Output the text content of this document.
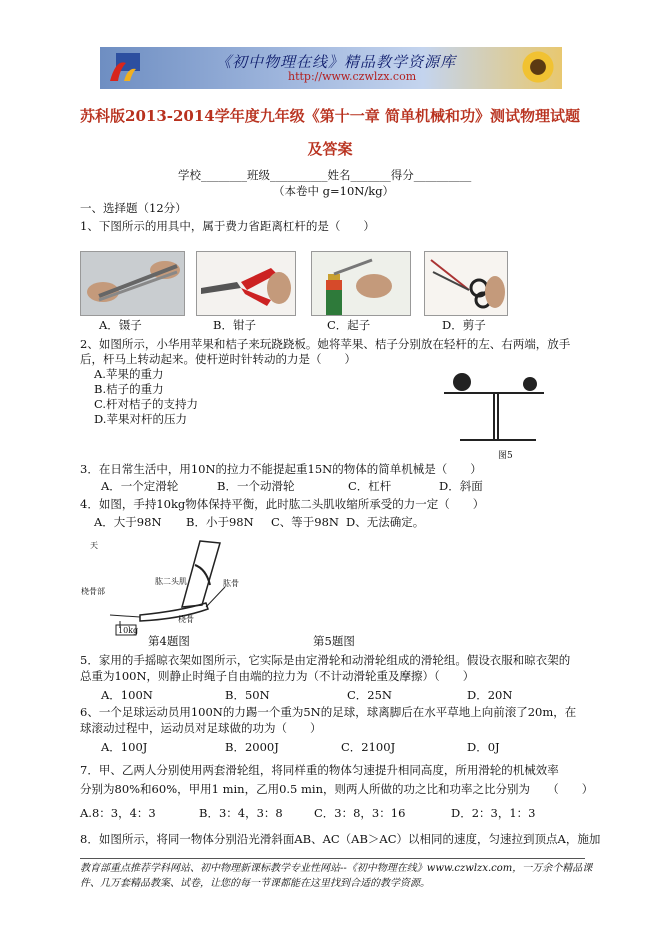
《初中物理在线》精品教学资源库
http://www.czwlzx.com
苏科版2013-2014学年度九年级《第十一章 简单机械和功》测试物理试题
及答案
学校________班级__________姓名_______得分__________
（本卷中 g=10N/kg）
一、选择题（12分）
1、下图所示的用具中，属于费力省距离杠杆的是（　　）
A．镊子	B．钳子	C．起子	D．剪子
2、如图所示，小华用苹果和桔子来玩跷跷板。她将苹果、桔子分别放在轻杆的左、右两端，放手
后，杆马上转动起来。使杆逆时针转动的力是（　　）
A.苹果的重力
B.桔子的重力
C.杆对桔子的支持力
D.苹果对杆的压力
图5
3．在日常生活中，用10N的拉力不能提起重15N的物体的简单机械是（　　）
A．一个定滑轮	B．一个动滑轮	C．杠杆	D．斜面
4．如图，手持10kg物体保持平衡，此时肱二头肌收缩所承受的力一定（　　）
A．大于98N B．小于98N C、等于98N D、无法确定。
天
桡骨部
肱二头肌	肱骨
桡骨
10kg
第4题图	第5题图
5．家用的手摇晾衣架如图所示，它实际是由定滑轮和动滑轮组成的滑轮组。假设衣服和晾衣架的
总重为100N，则静止时绳子自由端的拉力为（不计动滑轮重及摩擦）（　　）
A．100N	B．50N	C．25N	D．20N
6、一个足球运动员用100N的力踢一个重为5N的足球，球离脚后在水平草地上向前滚了20m，在
球滚动过程中，运动员对足球做的功为（　　）
A．100J	B．2000J	C．2100J	D．0J
7．甲、乙两人分别使用两套滑轮组，将同样重的物体匀速提升相同高度，所用滑轮的机械效率
分别为80%和60%，甲用1 min，乙用0.5 min，则两人所做的功之比和功率之比分别为　　（　　）
A.8：3，4：3	B．3：4，3：8	C．3：8，3：16	D．2：3，1：3
8．如图所示，将同一物体分别沿光滑斜面AB、AC（AB＞AC）以相同的速度，匀速拉到顶点A，施加
教育部重点推荐学科网站、初中物理新课标教学专业性网站--《初中物理在线》www.czwlzx.com，一万余个精品课
件、几万套精品教案、试卷，让您的每一节课都能在这里找到合适的教学资源。
